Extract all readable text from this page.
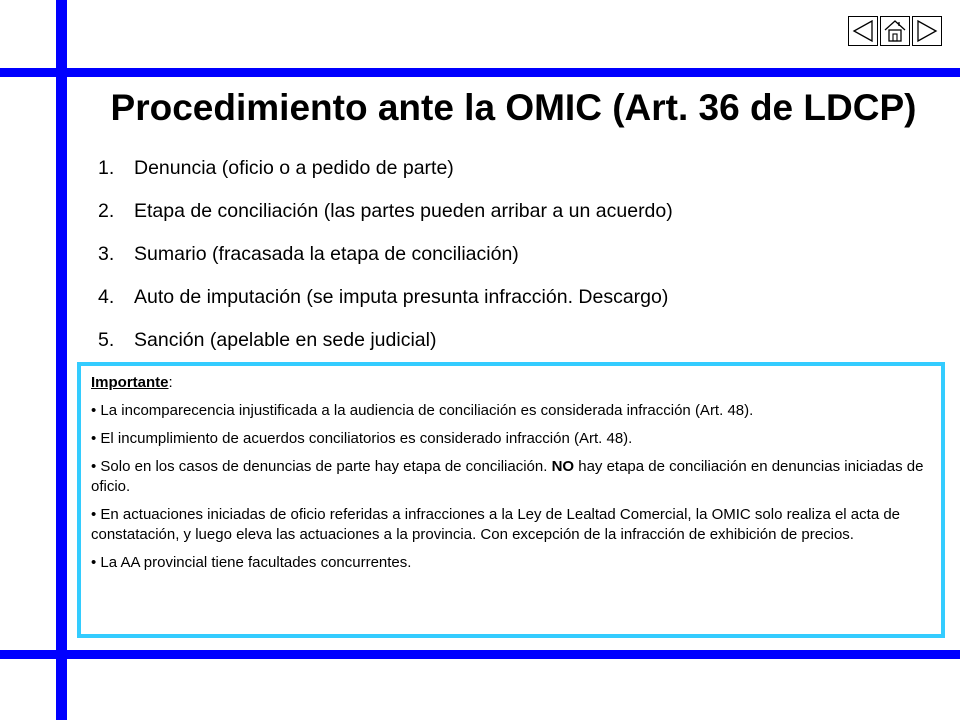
Procedimiento ante la OMIC (Art. 36 de LDCP)
1.	Denuncia (oficio o a pedido de parte)
2.	Etapa de conciliación (las partes pueden arribar a un acuerdo)
3.	Sumario (fracasada la etapa de conciliación)
4.	Auto de imputación (se imputa presunta infracción. Descargo)
5.	Sanción (apelable en sede judicial)

Importante:

• La incomparecencia injustificada a la audiencia de conciliación es considerada infracción (Art. 48).

• El incumplimiento de acuerdos conciliatorios es considerado infracción (Art. 48).

• Solo en los casos de denuncias de parte hay etapa de conciliación. NO hay etapa de conciliación en denuncias iniciadas de oficio.

• En actuaciones iniciadas de oficio referidas a infracciones a la Ley de Lealtad Comercial, la OMIC solo realiza el acta de constatación, y luego eleva las actuaciones a la provincia. Con excepción de la infracción de exhibición de precios.

• La AA provincial tiene facultades concurrentes.
